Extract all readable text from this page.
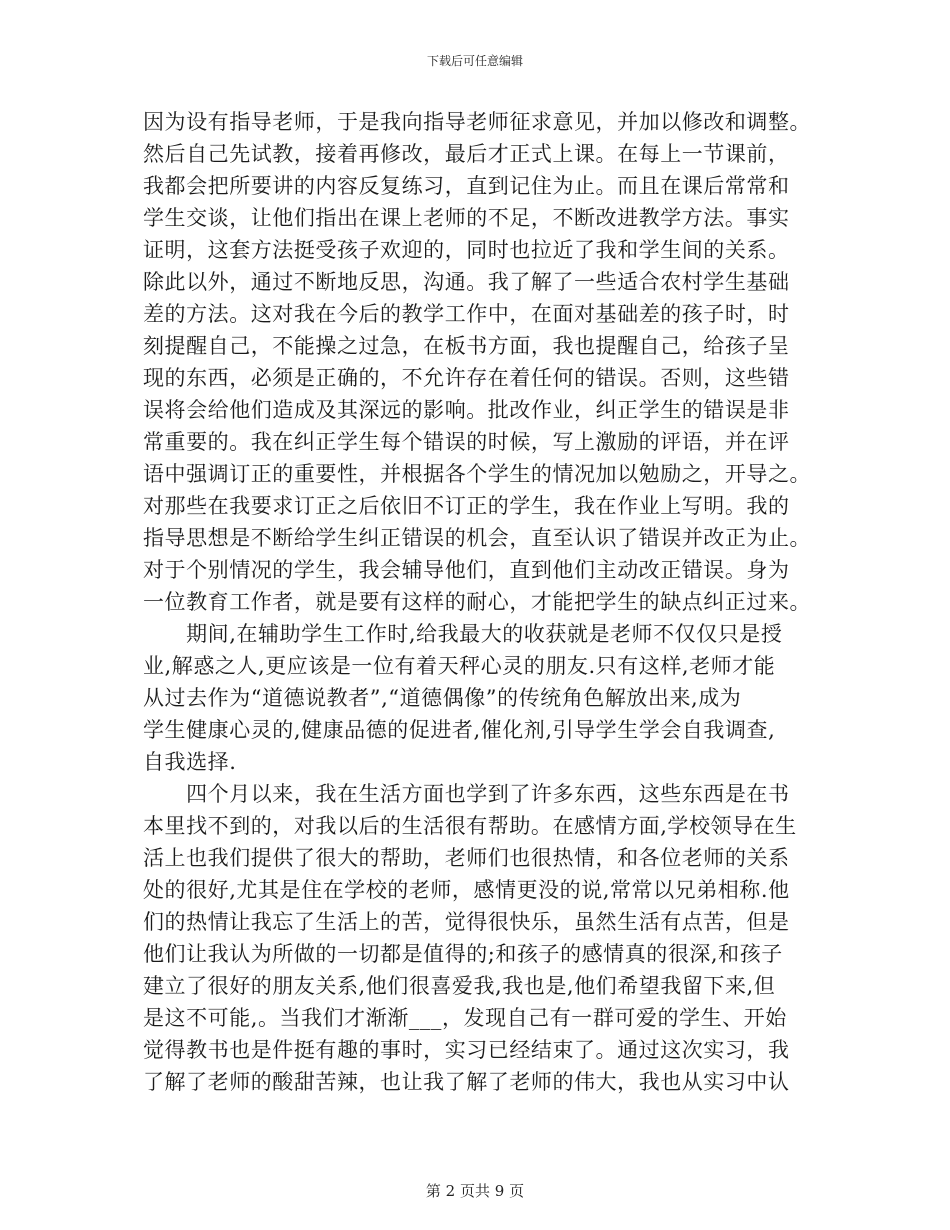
下载后可任意编辑
因为设有指导老师，于是我向指导老师征求意见，并加以修改和调整。
然后自己先试教，接着再修改，最后才正式上课。在每上一节课前，
我都会把所要讲的内容反复练习，直到记住为止。而且在课后常常和
学生交谈，让他们指出在课上老师的不足，不断改进教学方法。事实
证明，这套方法挺受孩子欢迎的，同时也拉近了我和学生间的关系。
除此以外，通过不断地反思，沟通。我了解了一些适合农村学生基础
差的方法。这对我在今后的教学工作中，在面对基础差的孩子时，时
刻提醒自己，不能操之过急，在板书方面，我也提醒自己，给孩子呈
现的东西，必须是正确的，不允许存在着任何的错误。否则，这些错
误将会给他们造成及其深远的影响。批改作业，纠正学生的错误是非
常重要的。我在纠正学生每个错误的时候，写上激励的评语，并在评
语中强调订正的重要性，并根据各个学生的情况加以勉励之，开导之。
对那些在我要求订正之后依旧不订正的学生，我在作业上写明。我的
指导思想是不断给学生纠正错误的机会，直至认识了错误并改正为止。
对于个别情况的学生，我会辅导他们，直到他们主动改正错误。身为
一位教育工作者，就是要有这样的耐心，才能把学生的缺点纠正过来。
　　期间,在辅助学生工作时,给我最大的收获就是老师不仅仅只是授
业,解惑之人,更应该是一位有着天秤心灵的朋友.只有这样,老师才能
从过去作为“道德说教者”,“道德偶像”的传统角色解放出来,成为
学生健康心灵的,健康品德的促进者,催化剂,引导学生学会自我调查,
自我选择.
　　四个月以来，我在生活方面也学到了许多东西，这些东西是在书
本里找不到的，对我以后的生活很有帮助。在感情方面,学校领导在生
活上也我们提供了很大的帮助，老师们也很热情，和各位老师的关系
处的很好,尤其是住在学校的老师，感情更没的说,常常以兄弟相称.他
们的热情让我忘了生活上的苦，觉得很快乐，虽然生活有点苦，但是
他们让我认为所做的一切都是值得的;和孩子的感情真的很深,和孩子
建立了很好的朋友关系,他们很喜爱我,我也是,他们希望我留下来,但
是这不可能,。当我们才渐渐___，发现自己有一群可爱的学生、开始
觉得教书也是件挺有趣的事时，实习已经结束了。通过这次实习，我
了解了老师的酸甜苦辣，也让我了解了老师的伟大，我也从实习中认
第 2 页共 9 页
